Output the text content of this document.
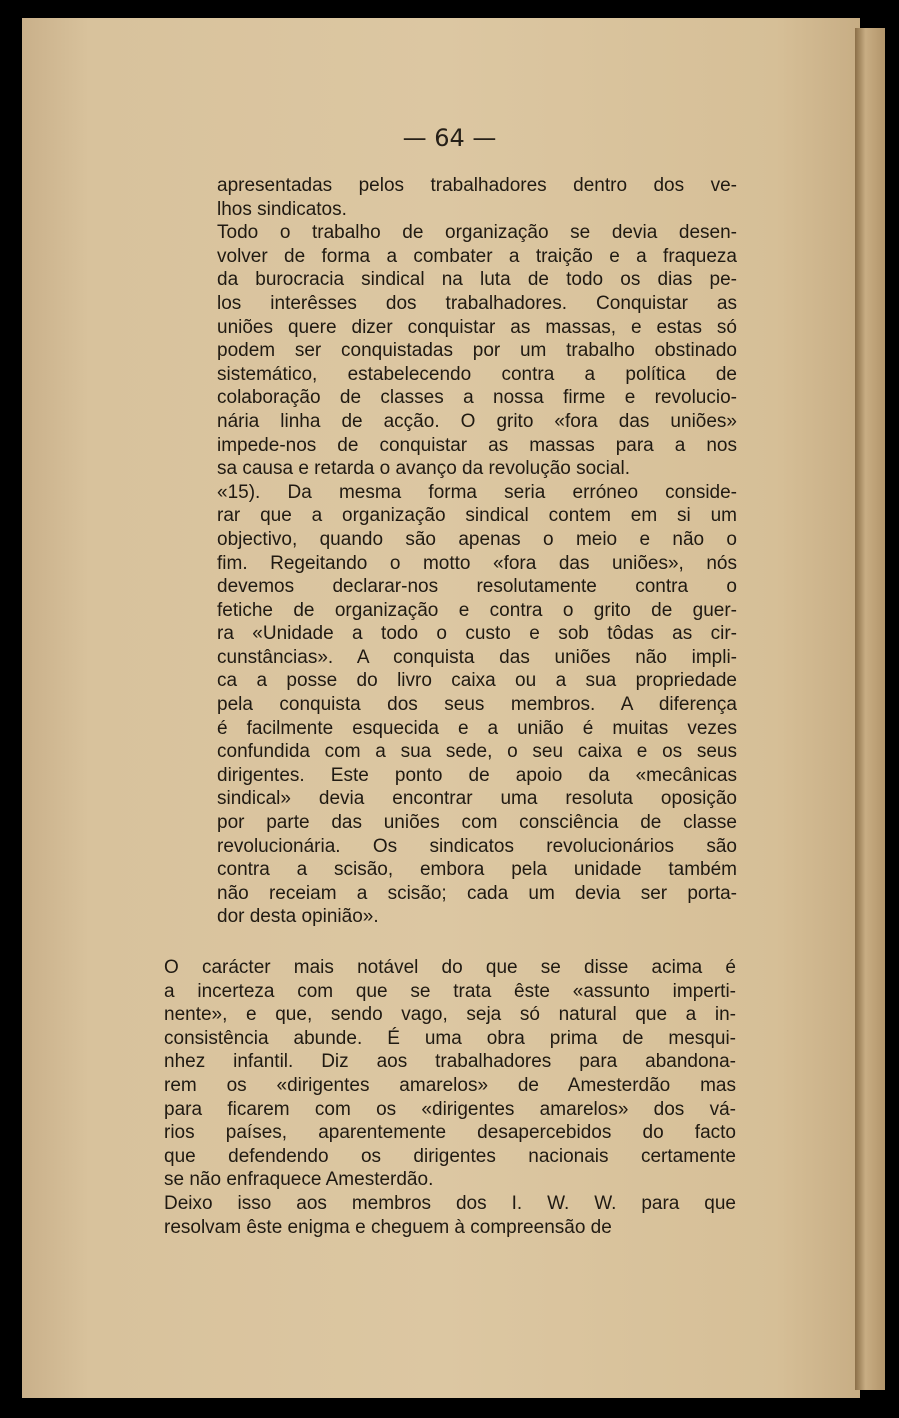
— 64 —
apresentadas pelos trabalhadores dentro dos ve-
lhos sindicatos.
Todo o trabalho de organização se devia desen-
volver de forma a combater a traição e a fraqueza
da burocracia sindical na luta de todo os dias pe-
los interêsses dos trabalhadores. Conquistar as
uniões quere dizer conquistar as massas, e estas só
podem ser conquistadas por um trabalho obstinado
sistemático, estabelecendo contra a política de
colaboração de classes a nossa firme e revolucio-
nária linha de acção. O grito «fora das uniões»
impede-nos de conquistar as massas para a nos
sa causa e retarda o avanço da revolução social.
«15). Da mesma forma seria erróneo conside-
rar que a organização sindical contem em si um
objectivo, quando são apenas o meio e não o
fim. Regeitando o motto «fora das uniões», nós
devemos declarar-nos resolutamente contra o
fetiche de organização e contra o grito de guer-
ra «Unidade a todo o custo e sob tôdas as cir-
cunstâncias». A conquista das uniões não impli-
ca a posse do livro caixa ou a sua propriedade
pela conquista dos seus membros. A diferença
é facilmente esquecida e a união é muitas vezes
confundida com a sua sede, o seu caixa e os seus
dirigentes. Este ponto de apoio da «mecânicas
sindical» devia encontrar uma resoluta oposição
por parte das uniões com consciência de classe
revolucionária. Os sindicatos revolucionários são
contra a scisão, embora pela unidade também
não receiam a scisão; cada um devia ser porta-
dor desta opinião».
O carácter mais notável do que se disse acima é
a incerteza com que se trata êste «assunto imperti-
nente», e que, sendo vago, seja só natural que a in-
consistência abunde. É uma obra prima de mesqui-
nhez infantil. Diz aos trabalhadores para abandona-
rem os «dirigentes amarelos» de Amesterdão mas
para ficarem com os «dirigentes amarelos» dos vá-
rios países, aparentemente desapercebidos do facto
que defendendo os dirigentes nacionais certamente
se não enfraquece Amesterdão.
Deixo isso aos membros dos I. W. W. para que
resolvam êste enigma e cheguem à compreensão de
